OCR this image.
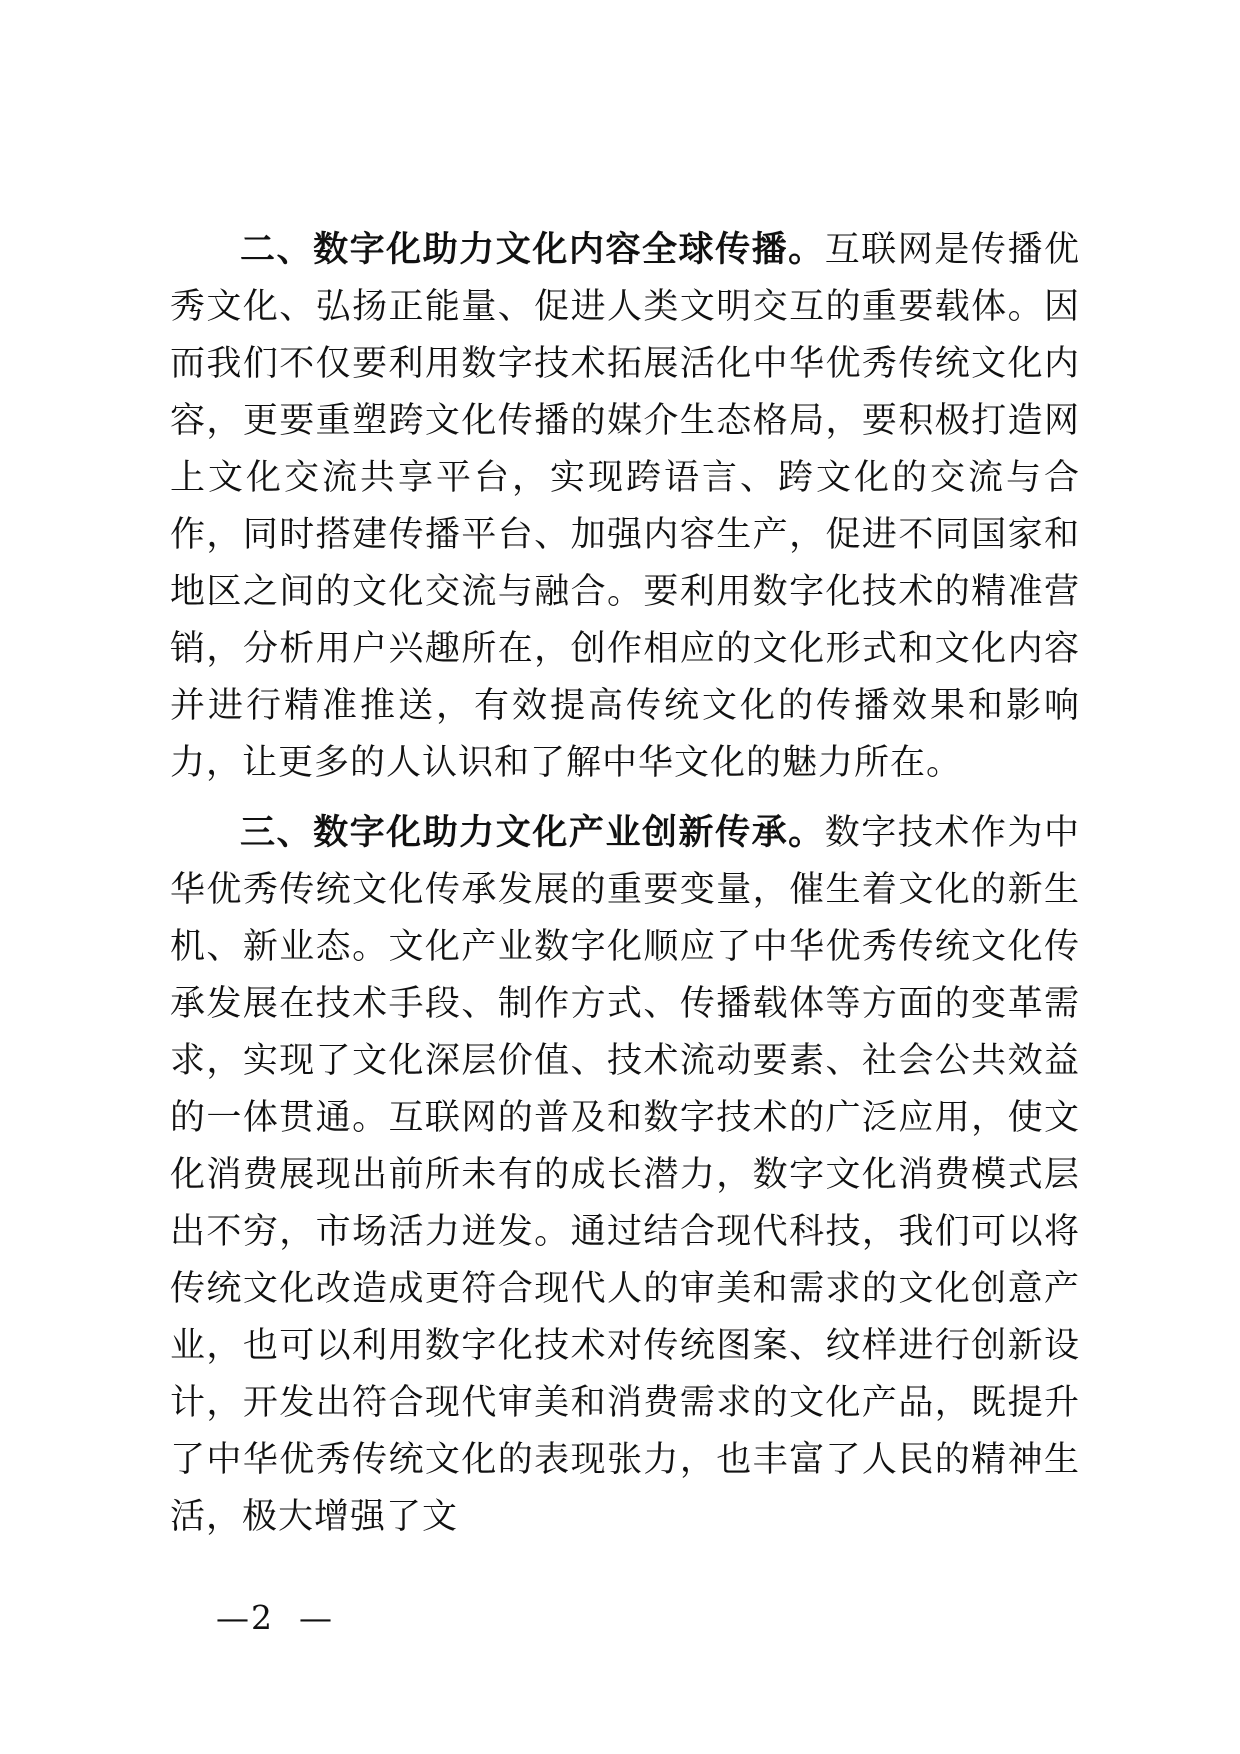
二、数字化助力文化内容全球传播。互联网是传播优秀文化、弘扬正能量、促进人类文明交互的重要载体。因而我们不仅要利用数字技术拓展活化中华优秀传统文化内容，更要重塑跨文化传播的媒介生态格局，要积极打造网上文化交流共享平台，实现跨语言、跨文化的交流与合作，同时搭建传播平台、加强内容生产，促进不同国家和地区之间的文化交流与融合。要利用数字化技术的精准营销，分析用户兴趣所在，创作相应的文化形式和文化内容并进行精准推送，有效提高传统文化的传播效果和影响力，让更多的人认识和了解中华文化的魅力所在。

三、数字化助力文化产业创新传承。数字技术作为中华优秀传统文化传承发展的重要变量，催生着文化的新生机、新业态。文化产业数字化顺应了中华优秀传统文化传承发展在技术手段、制作方式、传播载体等方面的变革需求，实现了文化深层价值、技术流动要素、社会公共效益的一体贯通。互联网的普及和数字技术的广泛应用，使文化消费展现出前所未有的成长潜力，数字文化消费模式层出不穷，市场活力迸发。通过结合现代科技，我们可以将传统文化改造成更符合现代人的审美和需求的文化创意产业，也可以利用数字化技术对传统图案、纹样进行创新设计，开发出符合现代审美和消费需求的文化产品，既提升了中华优秀传统文化的表现张力，也丰富了人民的精神生活，极大增强了文

—2  —
